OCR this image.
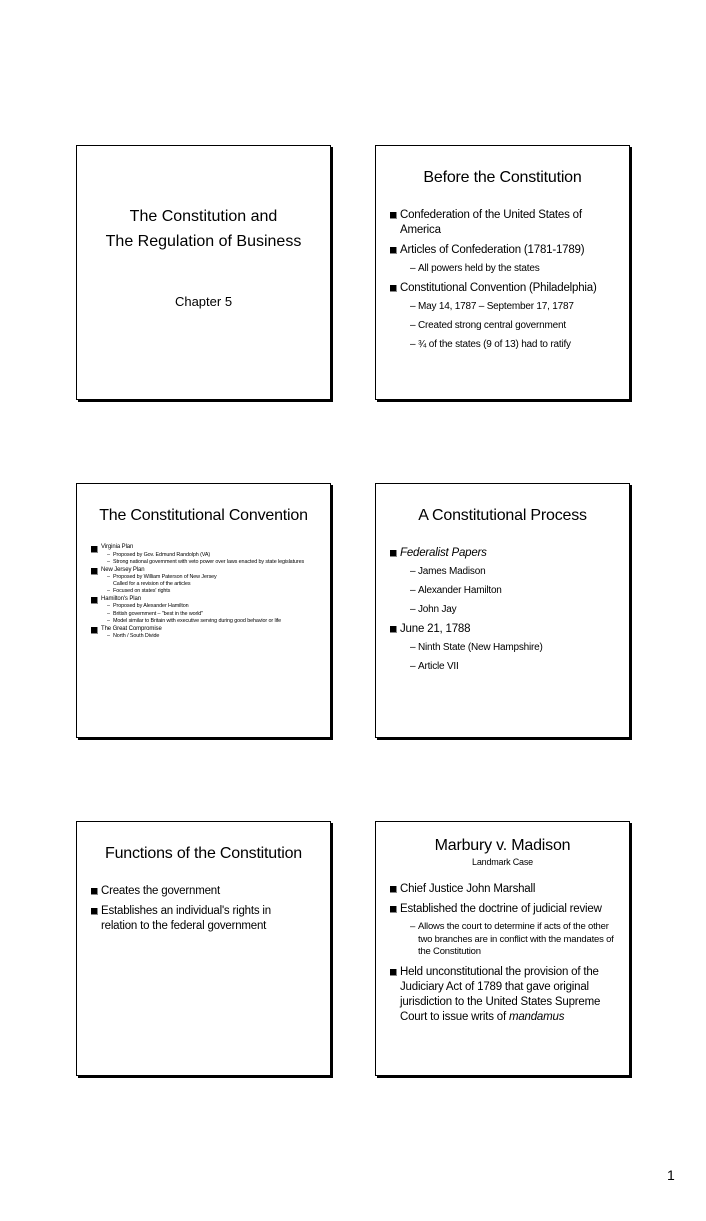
The Constitution and
The Regulation of Business
Chapter 5
Before the Constitution
Confederation of the United States of America
Articles of Confederation (1781-1789)
– All powers held by the states
Constitutional Convention (Philadelphia)
– May 14, 1787 – September 17, 1787
– Created strong central government
– ¾ of the states (9 of 13) had to ratify
The Constitutional Convention
Virginia Plan
– Proposed by Gov. Edmund Randolph (VA)
– Strong national government with veto power over laws enacted by state legislatures
New Jersey Plan
– Proposed by William Paterson of New Jersey
Called for a revision of the articles
– Focused on states' rights
Hamilton's Plan
– Proposed by Alexander Hamilton
– British government – "best in the world"
– Model similar to Britain with executive serving during good behavior or life
The Great Compromise
– North / South Divide
A Constitutional Process
Federalist Papers
– James Madison
– Alexander Hamilton
– John Jay
June 21, 1788
– Ninth State (New Hampshire)
– Article VII
Functions of the Constitution
Creates the government
Establishes an individual's rights in relation to the federal government
Marbury v. Madison
Landmark Case
Chief Justice John Marshall
Established the doctrine of judicial review
– Allows the court to determine if acts of the other two branches are in conflict with the mandates of the Constitution
Held unconstitutional the provision of the Judiciary Act of 1789 that gave original jurisdiction to the United States Supreme Court to issue writs of mandamus
1
